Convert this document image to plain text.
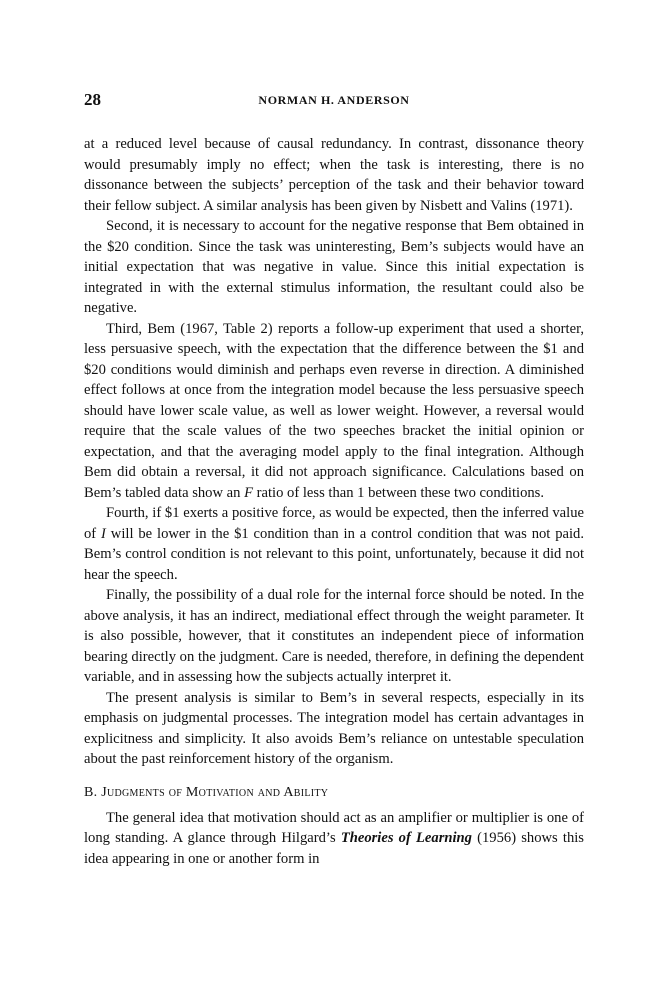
28	NORMAN H. ANDERSON

at a reduced level because of causal redundancy. In contrast, dissonance theory would presumably imply no effect; when the task is interesting, there is no dissonance between the subjects’ perception of the task and their behavior toward their fellow subject. A similar analysis has been given by Nisbett and Valins (1971).

Second, it is necessary to account for the negative response that Bem obtained in the $20 condition. Since the task was uninteresting, Bem’s subjects would have an initial expectation that was negative in value. Since this initial expectation is integrated in with the external stimulus information, the resultant could also be negative.

Third, Bem (1967, Table 2) reports a follow-up experiment that used a shorter, less persuasive speech, with the expectation that the difference between the $1 and $20 conditions would diminish and perhaps even reverse in direction. A diminished effect follows at once from the integration model because the less persuasive speech should have lower scale value, as well as lower weight. However, a reversal would require that the scale values of the two speeches bracket the initial opinion or expectation, and that the averaging model apply to the final integration. Although Bem did obtain a reversal, it did not approach significance. Calculations based on Bem’s tabled data show an F ratio of less than 1 between these two conditions.

Fourth, if $1 exerts a positive force, as would be expected, then the inferred value of I will be lower in the $1 condition than in a control condition that was not paid. Bem’s control condition is not relevant to this point, unfortunately, because it did not hear the speech.

Finally, the possibility of a dual role for the internal force should be noted. In the above analysis, it has an indirect, mediational effect through the weight parameter. It is also possible, however, that it constitutes an independent piece of information bearing directly on the judgment. Care is needed, therefore, in defining the dependent variable, and in assessing how the subjects actually interpret it.

The present analysis is similar to Bem’s in several respects, especially in its emphasis on judgmental processes. The integration model has certain advantages in explicitness and simplicity. It also avoids Bem’s reliance on untestable speculation about the past reinforcement history of the organism.

B. Judgments of Motivation and Ability

The general idea that motivation should act as an amplifier or multiplier is one of long standing. A glance through Hilgard’s Theories of Learning (1956) shows this idea appearing in one or another form in
